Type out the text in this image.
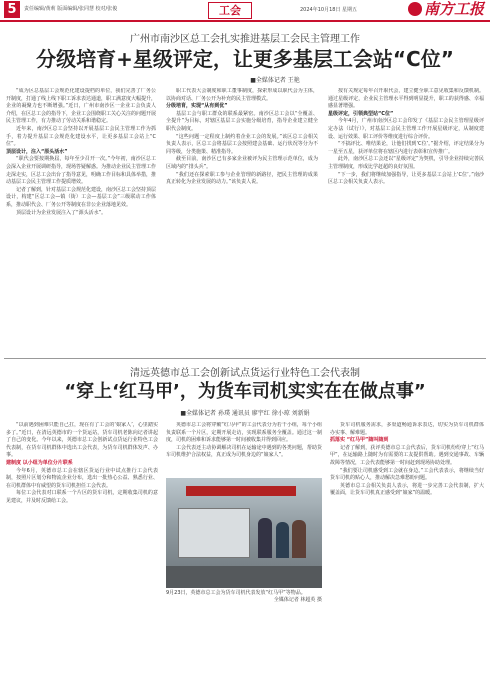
5	责任编辑/黄莉 版面编辑/张同慧 校对/张俊	工会	2024年10月18日 星期五	南方工报
广州市南沙区总工会扎实推进基层工会民主管理工作
分级培育+星级评定，让更多基层工会站“C位”
■全媒体记者 王艳

“成为区总基层工会规范化建设提档的单位，我们完善了厂务公开制度，打通了线上线下职工诉求表达通道，职工满意度大幅提升，企业的凝聚力也不断增强。”近日，广州市南沙区一企业工会负责人介绍，在区总工会的指导下，企业工会围绕职工关心关注的问题开展民主管理工作，有力推动了劳动关系和谐稳定。

近年来，南沙区总工会坚持以开展基层工会民主管理工作为抓手，着力提升基层工会规范化建设水平，让更多基层工会站上“C位”。

顶层设计，注入“原头活水”

“职代会要按期换届，每年至少召开一次。”今年初，南沙区总工会深入企业开展调研指导，现场答疑解惑。为推动企业民主管理工作走深走实，区总工会出台了指导意见，明确工作目标和具体举措，推动基层工会民主管理工作提质增效。

记者了解到，针对基层工会规范化建设，南沙区总工会坚持顶层设计，构建“区总工会—镇（街）工会—基层工会”三级联动工作体系，推动职代会、厂务公开等制度在非公企业落地见效。

顶层设计为企业发展注入了“源头活水”。

职工代表大会制度和职工董事制度，探索形成以职代会为主体，以协商对话、厂务公开为补充的民主管理模式。

分级培育，实现“从有到优”

基层工会与职工群众的联系最紧密。南沙区总工会以“全覆盖、全提升”为目标，对辖区基层工会实施分级培育，指导企业建立健全职代会制度。

“这些问题一定程度上制约着企业工会的发展。”该区总工会相关负责人表示，区总工会将基层工会按照建会基础、运行状况等分为不同等级，分类施策、精准指导。

截至目前，南沙区已有多家企业被评为民主管理示范单位，成为区域内的“排头兵”。

“我们还在探索职工参与企业管理的新路径，把民主管理的成果真正转化为企业发展的动力。”该负责人说。

按有关规定每年召开职代会，建立健全职工意见收集和反馈机制。通过星级评定，企业民主管理水平得到明显提升，职工的获得感、幸福感显著增强。

星级评定，引领典型站“C位”

今年4月，广州市南沙区总工会印发了《基层工会民主管理星级评定办法（试行）》，对基层工会民主管理工作开展星级评定，从制度建设、运行效果、职工评价等维度进行综合评价。

“不搞评比、唯结果论，让他们找到‘C位’。”据介绍，评定结果分为一星至五星，获评单位将在辖区内进行表彰和宣传推广。

此外，南沙区总工会还以“星级评定”为契机，引导企业持续完善民主管理制度，形成比学赶超的良好氛围。

“下一步，我们将继续加强指导，让更多基层工会站上‘C位’。”南沙区总工会相关负责人表示。

清远英德市总工会创新试点货运行业特色工会代表制
“穿上‘红马甲’，为货车司机实实在在做点事”
■全媒体记者 孙璞 通讯员 廖宇红 徐小琼 刘新娟

“以前遇到困难只能自己扛，现在有了工会的‘娘家人’，心里踏实多了。”近日，在清远英德市的一个货运站，货车司机老陈向记者讲起了自己的变化。今年以来，英德市总工会创新试点货运行业特色工会代表制，在货车司机群体中选出工会代表，为货车司机群体发声、办事。

建制度 以小组为单位分片联系

今年6月，英德市总工会在辖区货运行业中试点推行工会代表制，按照片区划分和物流企业分布，选出一批热心公益、熟悉行业、在司机群体中有威望的货车司机担任工会代表。

每位工会代表对口联系一个片区的货车司机，定期收集司机的意见建议，并及时反馈给工会。

英德市总工会将穿戴“红马甲”的工会代表分为若干小组，每个小组负责联系一个片区，定期开展走访，实现联系服务全覆盖。通过这一制度，司机的困难和诉求能够第一时间被收集并得到回应。

工会代表还主动协调解决司机在运输途中遇到的各类问题，帮助货车司机维护合法权益，真正成为司机身边的“娘家人”。

货车司机服务需求，多渠道畅通诉求表达，切实为货车司机群体办实事、解难题。

抓落实 “红马甲”随叫随到

记者了解到，获评英德市总工会代表后，货车司机纷纷穿上“红马甲”，在运输路上随时为有需要的工友提供帮助。遇到交通事故、车辆故障等情况，工会代表能够第一时间赶到现场协助处理。

“我们要让司机感受到工会就在身边。”工会代表表示，将继续当好货车司机的贴心人，推动解决急难愁盼问题。

英德市总工会相关负责人表示，将进一步完善工会代表制，扩大覆盖面，让货车司机真正感受到“娘家”的温暖。

9月23日，英德市总工会为货车司机代表发放“红马甲”等物品。
全媒体记者 林超英 摄
